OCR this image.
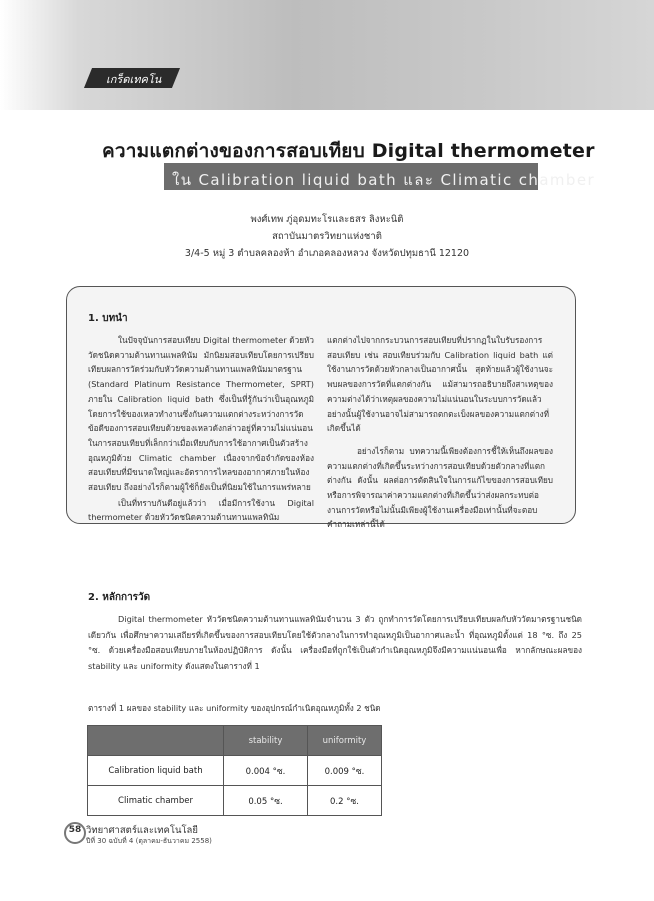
เกร็ดเทคโน
ความแตกต่างของการสอบเทียบ Digital thermometer
ใน Calibration liquid bath และ Climatic chamber
พงศ์เทพ ภู่อุดมทะโรและธสร ลิงหะนิติ
สถาบันมาตรวิทยาแห่งชาติ
3/4-5 หมู่ 3 ตำบลคลองห้า อำเภอคลองหลวง จังหวัดปทุมธานี 12120
1. บทนำ

ในปัจจุบันการสอบเทียบ Digital thermometer ด้วยหัววัดชนิดความต้านทานแพลทินัม มักนิยมสอบเทียบโดยการเปรียบเทียบผลการวัดร่วมกับหัววัดความต้านทานแพลทินัมมาตรฐาน (Standard Platinum Resistance Thermometer, SPRT) ภายใน Calibration liquid bath ซึ่งเป็นที่รู้กันว่าเป็นอุณหภูมิโดยการใช้ของเหลวทำงานซึ่งกันความแตกต่างระหว่างการวัด ข้อดีของการสอบเทียบด้วยของเหลวดังกล่าวอยู่ที่ความไม่แน่นอนในการสอบเทียบที่เล็กกว่าเมื่อเทียบกับการใช้อากาศเป็นตัวสร้างอุณหภูมิด้วย Climatic chamber เนื่องจากข้อจำกัดของห้องสอบเทียบที่มีขนาดใหญ่และอัตราการไหลของอากาศภายในห้องสอบเทียบ ถึงอย่างไรก็ตามผู้ใช้ก็ยังเป็นที่นิยมใช้ในการแพร่หลาย

เป็นที่ทราบกันดีอยู่แล้วว่า เมื่อมีการใช้งาน Digital thermometer ด้วยหัววัดชนิดความต้านทานแพลทินัม

แตกต่างไปจากกระบวนการสอบเทียบที่ปรากฏในใบรับรองการสอบเทียบ เช่น สอบเทียบร่วมกับ Calibration liquid bath แต่ใช้งานการวัดด้วยหัวกลางเป็นอากาศนั้น สุดท้ายแล้วผู้ใช้งานจะพบผลของการวัดที่แตกต่างกัน แม้สามารถอธิบายถึงสาเหตุของความต่างได้ว่าเหตุผลของความไม่แน่นอนในระบบการวัดแล้วอย่างนั้นผู้ใช้งานอาจไม่สามารถตกตะเบ็งผลของความแตกต่างที่เกิดขึ้นได้

อย่างไรก็ตาม บทความนี้เพียงต้องการชี้ให้เห็นถึงผลของความแตกต่างที่เกิดขึ้นระหว่างการสอบเทียบด้วยตัวกลางที่แตกต่างกัน ดังนั้น ผลต่อการตัดสินใจในการแก้ไขของการสอบเทียบ หรือการพิจารณาค่าความแตกต่างที่เกิดขึ้นว่าส่งผลกระทบต่องานการวัดหรือไม่นั้นมีเพียงผู้ใช้งานเครื่องมือเท่านั้นที่จะตอบคำถามเหล่านี้ได้

2. หลักการวัด
Digital thermometer หัววัดชนิดความต้านทานแพลทินัมจำนวน 3 ตัว ถูกทำการวัดโดยการเปรียบเทียบผลกับหัววัดมาตรฐานชนิดเดียวกัน เพื่อศึกษาความเสถียรที่เกิดขึ้นของการสอบเทียบโดยใช้ตัวกลางในการทำอุณหภูมิเป็นอากาศและน้ำ ที่อุณหภูมิตั้งแต่ 18 °ซ. ถึง 25 °ซ. ด้วยเครื่องมือสอบเทียบภายในห้องปฏิบัติการ ดังนั้น เครื่องมือที่ถูกใช้เป็นตัวกำเนิดอุณหภูมิจึงมีความแน่นอนเพื่อ หากลักษณะผลของ stability และ uniformity ดังแสดงในตารางที่ 1
ตารางที่ 1 ผลของ stability และ uniformity ของอุปกรณ์กำเนิดอุณหภูมิทั้ง 2 ชนิด
	stability	uniformity
Calibration liquid bath	0.004 °ซ.	0.009 °ซ.
Climatic chamber	0.05 °ซ.	0.2 °ซ.
58 วิทยาศาสตร์และเทคโนโลยี
ปีที่ 30 ฉบับที่ 4 (ตุลาคม-ธันวาคม 2558)
